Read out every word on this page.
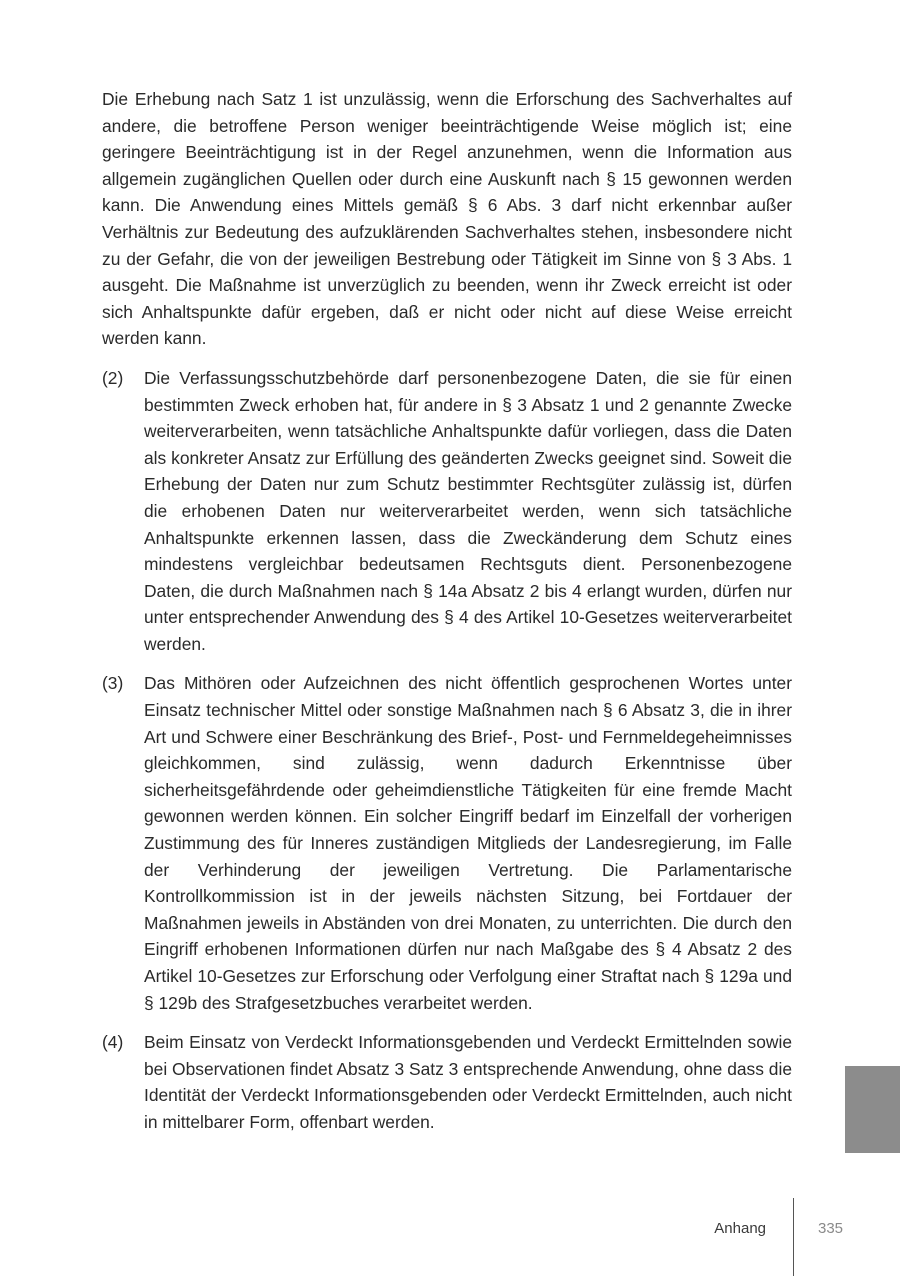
Die Erhebung nach Satz 1 ist unzulässig, wenn die Erforschung des Sachverhaltes auf andere, die betroffene Person weniger beeinträchtigende Weise möglich ist; eine geringere Beeinträchtigung ist in der Regel anzunehmen, wenn die Information aus allgemein zugänglichen Quellen oder durch eine Auskunft nach § 15 gewonnen werden kann. Die Anwendung eines Mittels gemäß § 6 Abs. 3 darf nicht erkennbar außer Verhältnis zur Bedeutung des aufzuklärenden Sachverhaltes stehen, insbesondere nicht zu der Gefahr, die von der jeweiligen Bestrebung oder Tätigkeit im Sinne von § 3 Abs. 1 ausgeht. Die Maßnahme ist unverzüglich zu beenden, wenn ihr Zweck erreicht ist oder sich Anhaltspunkte dafür ergeben, daß er nicht oder nicht auf diese Weise erreicht werden kann.

(2) Die Verfassungsschutzbehörde darf personenbezogene Daten, die sie für einen bestimmten Zweck erhoben hat, für andere in § 3 Absatz 1 und 2 genannte Zwecke weiterverarbeiten, wenn tatsächliche Anhaltspunkte dafür vorliegen, dass die Daten als konkreter Ansatz zur Erfüllung des geänderten Zwecks geeignet sind. Soweit die Erhebung der Daten nur zum Schutz bestimmter Rechtsgüter zulässig ist, dürfen die erhobenen Daten nur weiterverarbeitet werden, wenn sich tatsächliche Anhaltspunkte erkennen lassen, dass die Zweckänderung dem Schutz eines mindestens vergleichbar bedeutsamen Rechtsguts dient. Personenbezogene Daten, die durch Maßnahmen nach § 14a Absatz 2 bis 4 erlangt wurden, dürfen nur unter entsprechender Anwendung des § 4 des Artikel 10-Gesetzes weiterverarbeitet werden.
(3) Das Mithören oder Aufzeichnen des nicht öffentlich gesprochenen Wortes unter Einsatz technischer Mittel oder sonstige Maßnahmen nach § 6 Absatz 3, die in ihrer Art und Schwere einer Beschränkung des Brief-, Post- und Fernmeldegeheimnisses gleichkommen, sind zulässig, wenn dadurch Erkenntnisse über sicherheitsgefährdende oder geheimdienstliche Tätigkeiten für eine fremde Macht gewonnen werden können. Ein solcher Eingriff bedarf im Einzelfall der vorherigen Zustimmung des für Inneres zuständigen Mitglieds der Landesregierung, im Falle der Verhinderung der jeweiligen Vertretung. Die Parlamentarische Kontrollkommission ist in der jeweils nächsten Sitzung, bei Fortdauer der Maßnahmen jeweils in Abständen von drei Monaten, zu unterrichten. Die durch den Eingriff erhobenen Informationen dürfen nur nach Maßgabe des § 4 Absatz 2 des Artikel 10-Gesetzes zur Erforschung oder Verfolgung einer Straftat nach § 129a und § 129b des Strafgesetzbuches verarbeitet werden.
(4) Beim Einsatz von Verdeckt Informationsgebenden und Verdeckt Ermittelnden sowie bei Observationen findet Absatz 3 Satz 3 entsprechende Anwendung, ohne dass die Identität der Verdeckt Informationsgebenden oder Verdeckt Ermittelnden, auch nicht in mittelbarer Form, offenbart werden.
Anhang	335
